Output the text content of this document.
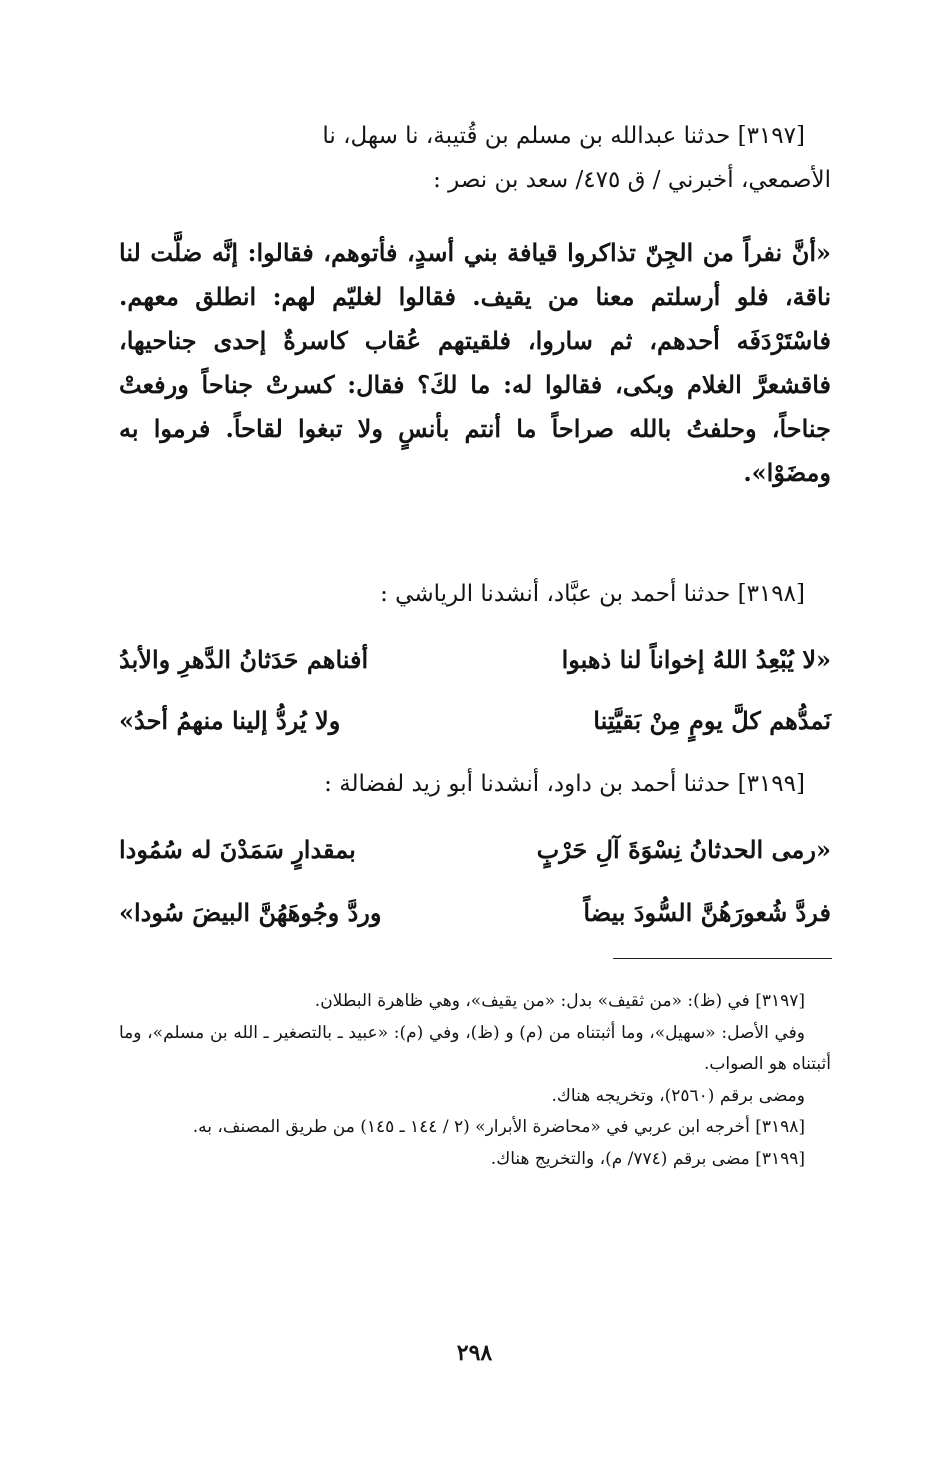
[٣١٩٧] حدثنا عبدالله بن مسلم بن قُتيبة، نا سهل، نا

الأصمعي، أخبرني / ق ٤٧٥/ سعد بن نصر :

«أنَّ نفراً من الجِنّ تذاكروا قيافة بني أسدٍ، فأتوهم، فقالوا: إنَّه ضلَّت لنا ناقة، فلو أرسلتم معنا من يقيف. فقالوا لغليّم لهم: انطلق معهم. فاسْتَرْدَفَه أحدهم، ثم ساروا، فلقيتهم عُقاب كاسرةٌ إحدى جناحيها، فاقشعرَّ الغلام وبكى، فقالوا له: ما لكَ؟ فقال: كسرتْ جناحاً ورفعتْ جناحاً، وحلفتُ بالله صراحاً ما أنتم بأنسٍ ولا تبغوا لقاحاً. فرموا به ومضَوْا».

[٣١٩٨] حدثنا أحمد بن عبَّاد، أنشدنا الرياشي :

«لا يُبْعِدُ اللهُ إخواناً لنا ذهبوا
أفناهم حَدَثانُ الدَّهرِ والأبدُ
نَمدُّهم كلَّ يومٍ مِنْ بَقيَّتِنا
ولا يُردُّ إلينا منهمُ أحدُ»

[٣١٩٩] حدثنا أحمد بن داود، أنشدنا أبو زيد لفضالة :

«رمى الحدثانُ نِسْوَةَ آلِ حَرْبٍ
بمقدارٍ سَمَدْنَ له سُمُودا
فردَّ شُعورَهُنَّ السُّودَ بيضاً
وردَّ وجُوهَهُنَّ البيضَ سُودا»

[٣١٩٧] في (ظ): «من ثقيف» بدل: «من يقيف»، وهي ظاهرة البطلان.

وفي الأصل: «سهيل»، وما أثبتناه من (م) و (ظ)، وفي (م): «عبيد ـ بالتصغير ـ الله بن مسلم»، وما أثبتناه هو الصواب.

ومضى برقم (٢٥٦٠)، وتخريجه هناك.

[٣١٩٨] أخرجه ابن عربي في «محاضرة الأبرار» (٢ / ١٤٤ ـ ١٤٥) من طريق المصنف، به.

[٣١٩٩] مضى برقم (٧٧٤/ م)، والتخريج هناك.

٢٩٨
